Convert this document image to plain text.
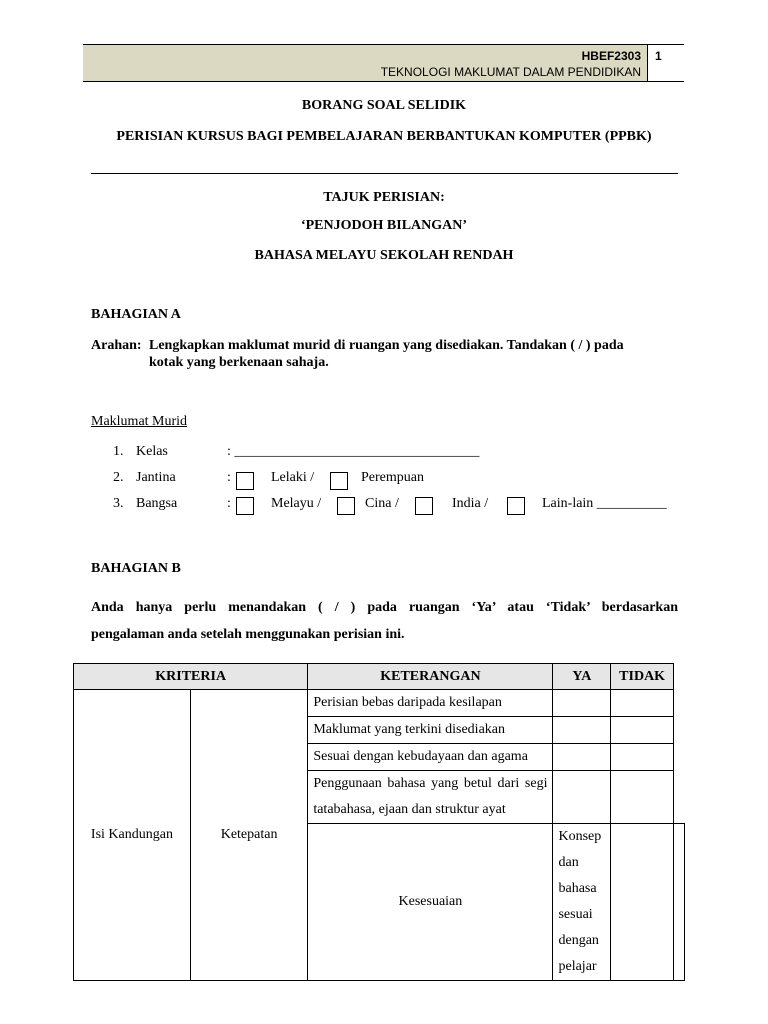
HBEF2303
TEKNOLOGI MAKLUMAT DALAM PENDIDIKAN
1
BORANG SOAL SELIDIK
PERISIAN KURSUS BAGI PEMBELAJARAN BERBANTUKAN KOMPUTER (PPBK)
TAJUK PERISIAN:
‘PENJODOH BILANGAN’
BAHASA MELAYU SEKOLAH RENDAH
BAHAGIAN A
Arahan: Lengkapkan maklumat murid di ruangan yang disediakan. Tandakan ( / ) pada
kotak yang berkenaan sahaja.
Maklumat Murid
1. Kelas	: ___________________________________
2. Jantina	:	Lelaki /	Perempuan
3. Bangsa	:	Melayu /	Cina /	India /	Lain-lain __________
BAHAGIAN B
Anda hanya perlu menandakan ( / ) pada ruangan ‘Ya’ atau ‘Tidak’ berdasarkan
pengalaman anda setelah menggunakan perisian ini.
KRITERIA		KETERANGAN	YA	TIDAK	
Isi Kandungan	Ketepatan	Perisian bebas daripada kesilapan			
		Maklumat yang terkini disediakan			
		Sesuai dengan kebudayaan dan agama			
		Penggunaan bahasa yang betul dari segi tatabahasa, ejaan dan struktur ayat			
		Kesesuaian	Konsep dan bahasa sesuai dengan pelajar		
